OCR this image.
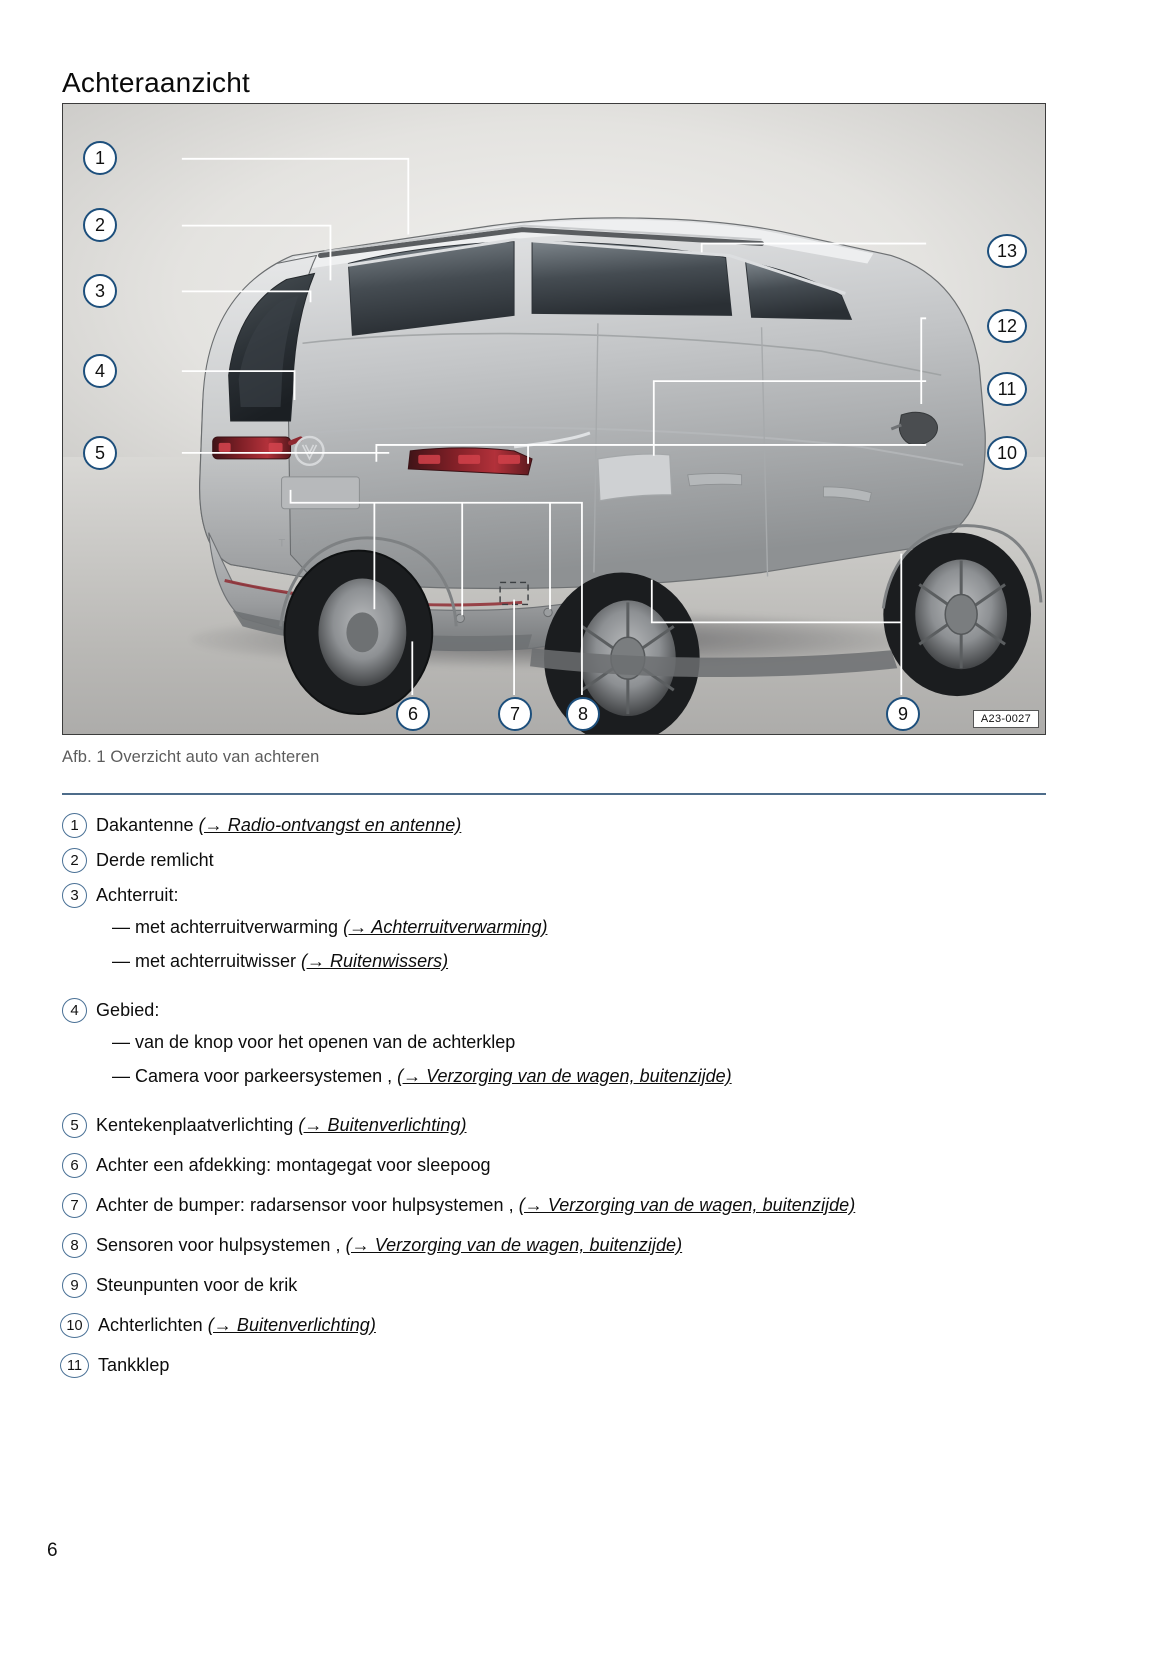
Achteraanzicht
TIGUAN
1
2
3
4
5
6	7	8	9
10
11
12
13
A23-0027
Afb. 1 Overzicht auto van achteren
1 Dakantenne (→ Radio-ontvangst en antenne)
2 Derde remlicht
3 Achterruit:
— met achterruitverwarming (→ Achterruitverwarming)
— met achterruitwisser (→ Ruitenwissers)
4 Gebied:
— van de knop voor het openen van de achterklep
— Camera voor parkeersystemen , (→ Verzorging van de wagen, buitenzijde)
5 Kentekenplaatverlichting (→ Buitenverlichting)
6 Achter een afdekking: montagegat voor sleepoog
7 Achter de bumper: radarsensor voor hulpsystemen , (→ Verzorging van de wagen, buitenzijde)
8 Sensoren voor hulpsystemen , (→ Verzorging van de wagen, buitenzijde)
9 Steunpunten voor de krik
10 Achterlichten (→ Buitenverlichting)
11 Tankklep
6
